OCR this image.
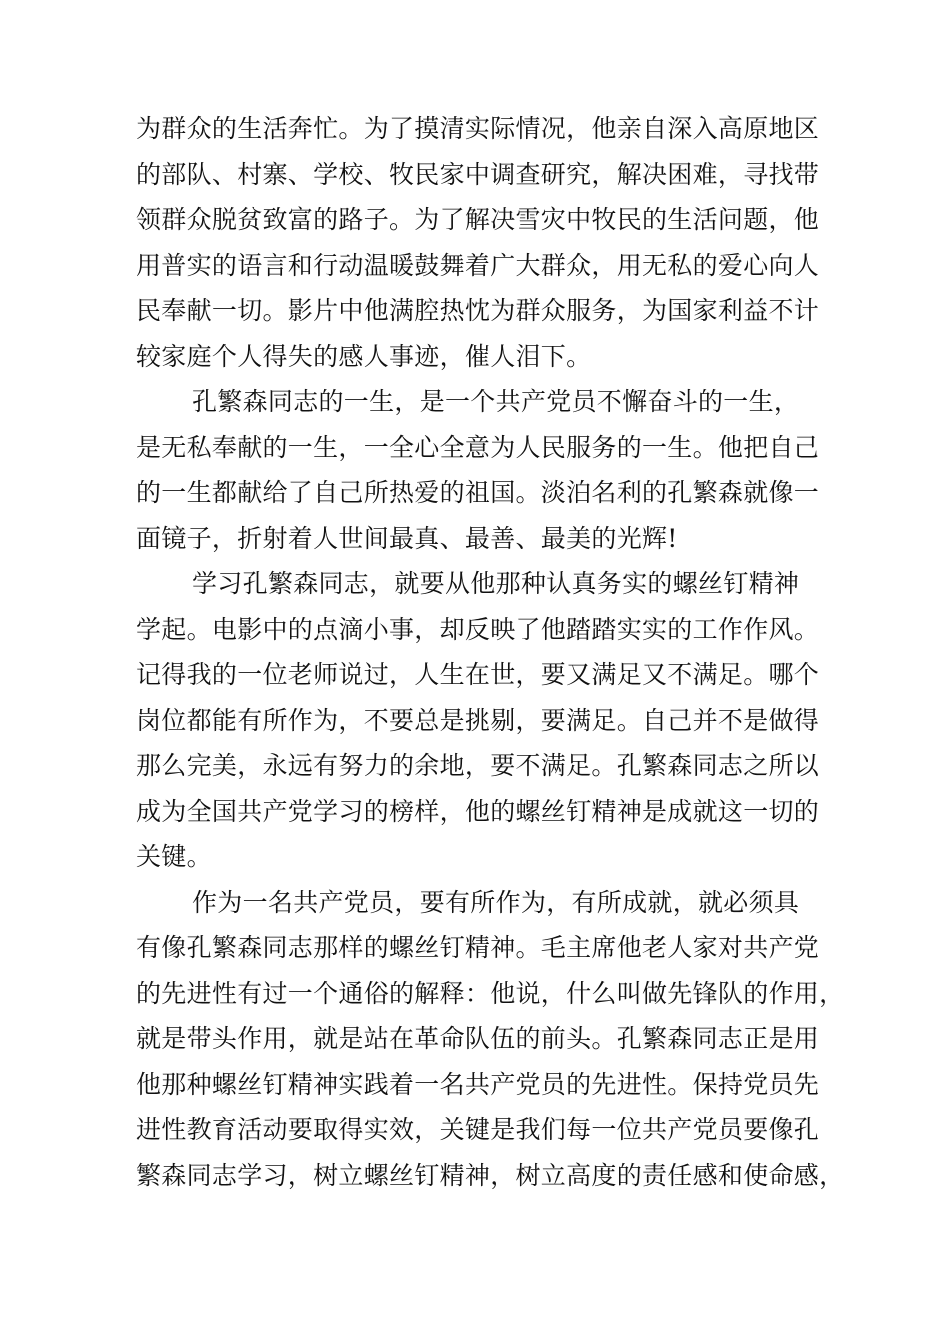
为群众的生活奔忙。为了摸清实际情况，他亲自深入高原地区
的部队、村寨、学校、牧民家中调查研究，解决困难，寻找带
领群众脱贫致富的路子。为了解决雪灾中牧民的生活问题，他
用普实的语言和行动温暖鼓舞着广大群众，用无私的爱心向人
民奉献一切。影片中他满腔热忱为群众服务，为国家利益不计
较家庭个人得失的感人事迹，催人泪下。
孔繁森同志的一生，是一个共产党员不懈奋斗的一生，
是无私奉献的一生，一全心全意为人民服务的一生。他把自己
的一生都献给了自己所热爱的祖国。淡泊名利的孔繁森就像一
面镜子，折射着人世间最真、最善、最美的光辉!
学习孔繁森同志，就要从他那种认真务实的螺丝钉精神
学起。电影中的点滴小事，却反映了他踏踏实实的工作作风。
记得我的一位老师说过，人生在世，要又满足又不满足。哪个
岗位都能有所作为，不要总是挑剔，要满足。自己并不是做得
那么完美，永远有努力的余地，要不满足。孔繁森同志之所以
成为全国共产党学习的榜样，他的螺丝钉精神是成就这一切的
关键。
作为一名共产党员，要有所作为，有所成就，就必须具
有像孔繁森同志那样的螺丝钉精神。毛主席他老人家对共产党
的先进性有过一个通俗的解释：他说，什么叫做先锋队的作用，
就是带头作用，就是站在革命队伍的前头。孔繁森同志正是用
他那种螺丝钉精神实践着一名共产党员的先进性。保持党员先
进性教育活动要取得实效，关键是我们每一位共产党员要像孔
繁森同志学习，树立螺丝钉精神，树立高度的责任感和使命感，
